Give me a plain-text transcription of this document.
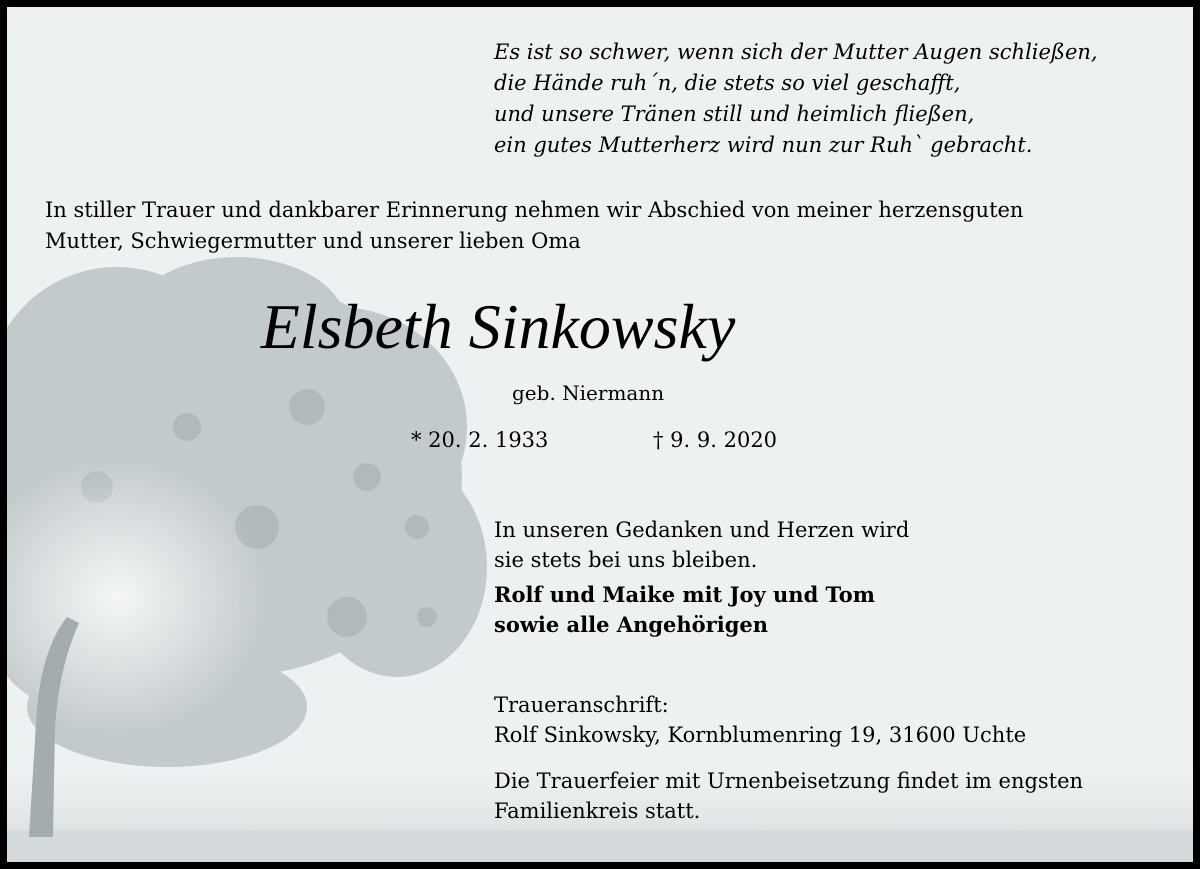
Es ist so schwer, wenn sich der Mutter Augen schließen,
die Hände ruh´n, die stets so viel geschafft,
und unsere Tränen still und heimlich fließen,
ein gutes Mutterherz wird nun zur Ruh` gebracht.
In stiller Trauer und dankbarer Erinnerung nehmen wir Abschied von meiner herzensguten
Mutter, Schwiegermutter und unserer lieben Oma
Elsbeth Sinkowsky
geb. Niermann
* 20. 2. 1933	† 9. 9. 2020
In unseren Gedanken und Herzen wird
sie stets bei uns bleiben.
Rolf und Maike mit Joy und Tom
sowie alle Angehörigen
Traueranschrift:
Rolf Sinkowsky, Kornblumenring 19, 31600 Uchte
Die Trauerfeier mit Urnenbeisetzung findet im engsten
Familienkreis statt.
